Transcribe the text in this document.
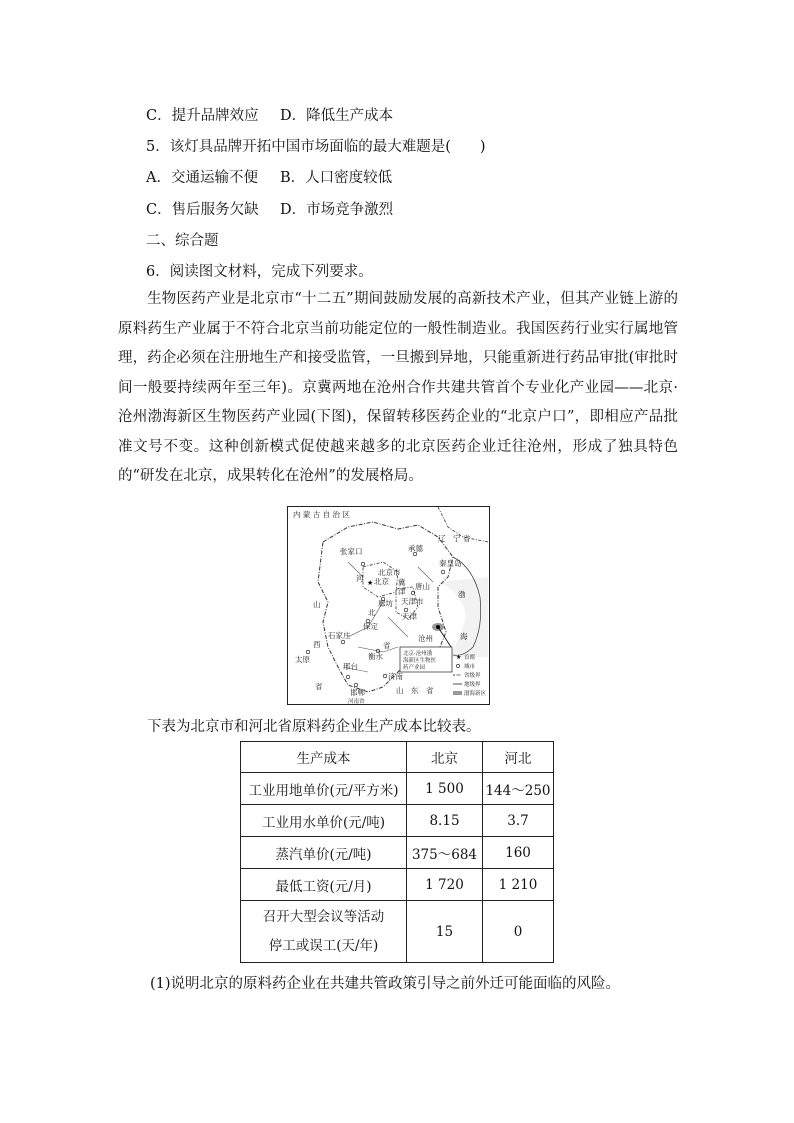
C．提升品牌效应 D．降低生产成本
5．该灯具品牌开拓中国市场面临的最大难题是(　　)
A．交通运输不便 B．人口密度较低
C．售后服务欠缺 D．市场竞争激烈
二、综合题
6．阅读图文材料，完成下列要求。
生物医药产业是北京市“十二五”期间鼓励发展的高新技术产业，但其产业链上游的原料药生产业属于不符合北京当前功能定位的一般性制造业。我国医药行业实行属地管理，药企必须在注册地生产和接受监管，一旦搬到异地，只能重新进行药品审批(审批时间一般要持续两年至三年)。京冀两地在沧州合作共建共管首个专业化产业园——北京·沧州渤海新区生物医药产业园(下图)，保留转移医药企业的“北京户口”，即相应产品批准文号不变。这种创新模式促使越来越多的北京医药企业迁往沧州，形成了独具特色的“研发在北京，成果转化在沧州”的发展格局。
北京·沧州渤
海新区生物医
药产业园
内 蒙 古 自 治 区
辽　宁 省
张家口	承德
秦皇岛
北京市
北京 冀
津
唐山
廊坊 天津市
天津
河
北
省
渤
海
山
西
省
保定
石家庄	沧州
衡水
太原
邢台
邯郸
济南
山　东　省
河南省
★
★ 首都
城市
省级界
地级界
渤海新区
下表为北京市和河北省原料药企业生产成本比较表。
生产成本	北京	河北
工业用地单价(元/平方米)	1 500	144～250
工业用水单价(元/吨)	8.15	3.7
蒸汽单价(元/吨)	375～684	160
最低工资(元/月)	1 720	1 210

召开大型会议等活动
停工或误工(天/年)	15	0
(1)说明北京的原料药企业在共建共管政策引导之前外迁可能面临的风险。
